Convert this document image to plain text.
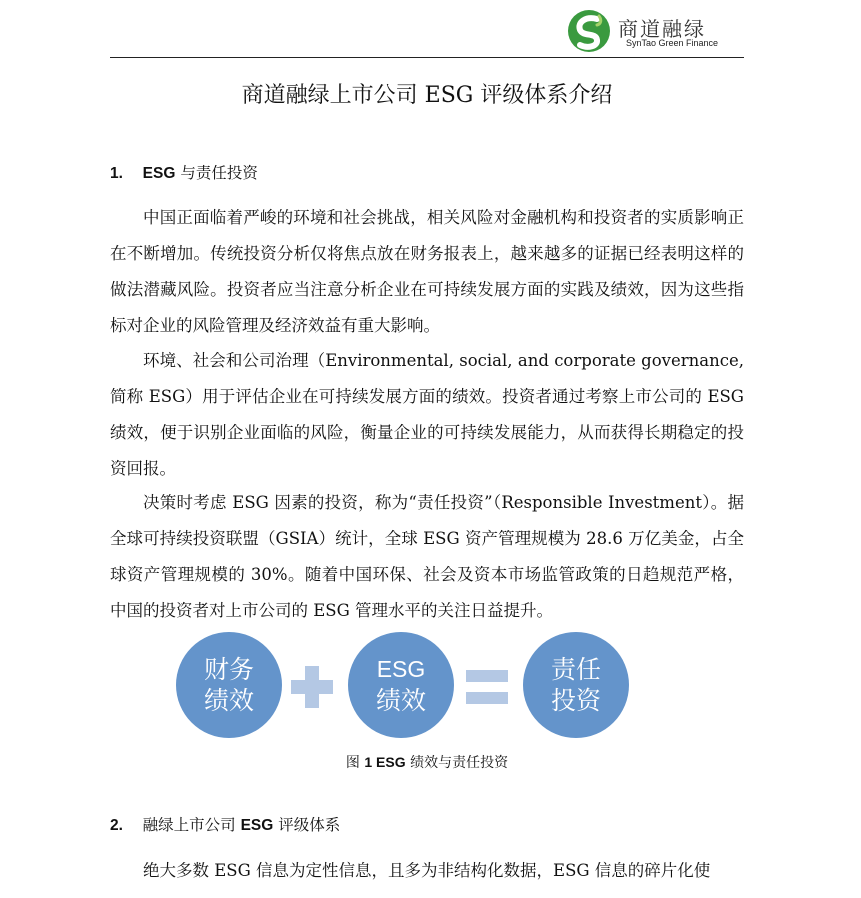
商道融绿
SynTao Green Finance
商道融绿上市公司 ESG 评级体系介绍
1. ESG 与责任投资

中国正面临着严峻的环境和社会挑战，相关风险对金融机构和投资者的实质影响正在不断增加。传统投资分析仅将焦点放在财务报表上，越来越多的证据已经表明这样的做法潜藏风险。投资者应当注意分析企业在可持续发展方面的实践及绩效，因为这些指标对企业的风险管理及经济效益有重大影响。

环境、社会和公司治理（Environmental, social, and corporate governance, 简称 ESG）用于评估企业在可持续发展方面的绩效。投资者通过考察上市公司的 ESG 绩效，便于识别企业面临的风险，衡量企业的可持续发展能力，从而获得长期稳定的投资回报。

决策时考虑 ESG 因素的投资，称为“责任投资”（Responsible Investment）。据全球可持续投资联盟（GSIA）统计，全球 ESG 资产管理规模为 28.6 万亿美金，占全球资产管理规模的 30%。随着中国环保、社会及资本市场监管政策的日趋规范严格，中国的投资者对上市公司的 ESG 管理水平的关注日益提升。

财务
绩效
ESG
绩效
责任
投资
图 1 ESG 绩效与责任投资
2. 融绿上市公司 ESG 评级体系

绝大多数 ESG 信息为定性信息，且多为非结构化数据，ESG 信息的碎片化使
